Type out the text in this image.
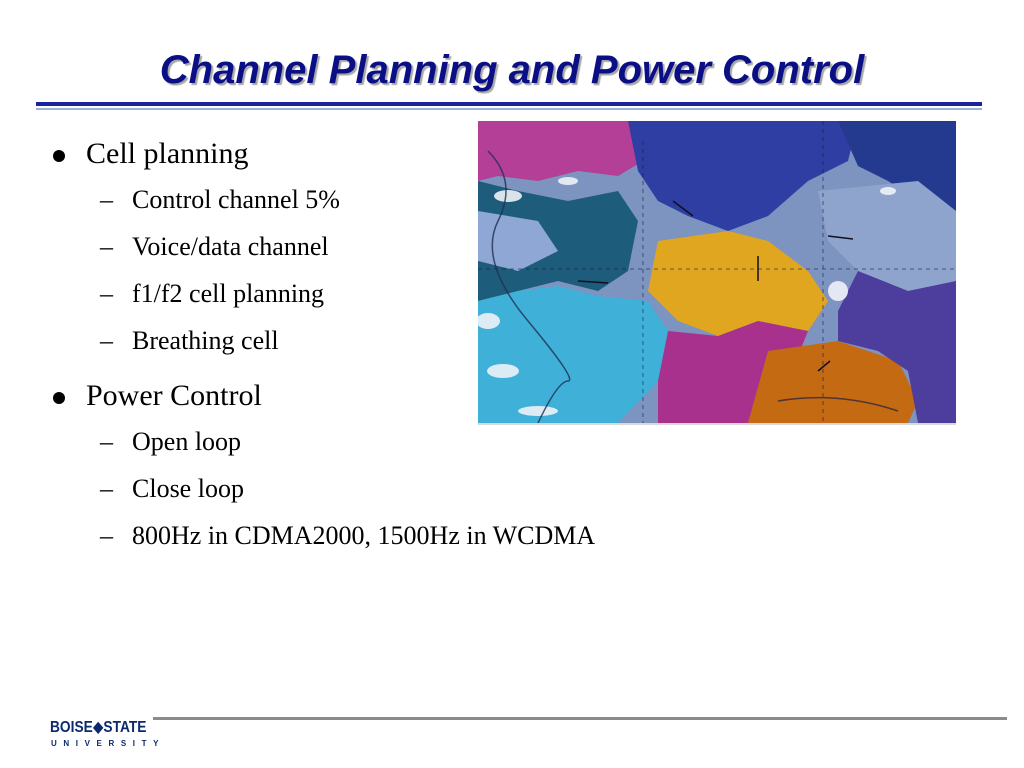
Channel Planning and Power Control
Cell planning
– Control channel 5%
– Voice/data channel
– f1/f2 cell planning
– Breathing cell
Power Control
– Open loop
– Close loop
– 800Hz in CDMA2000, 1500Hz in WCDMA
BOISE◆STATE
UNIVERSITY
